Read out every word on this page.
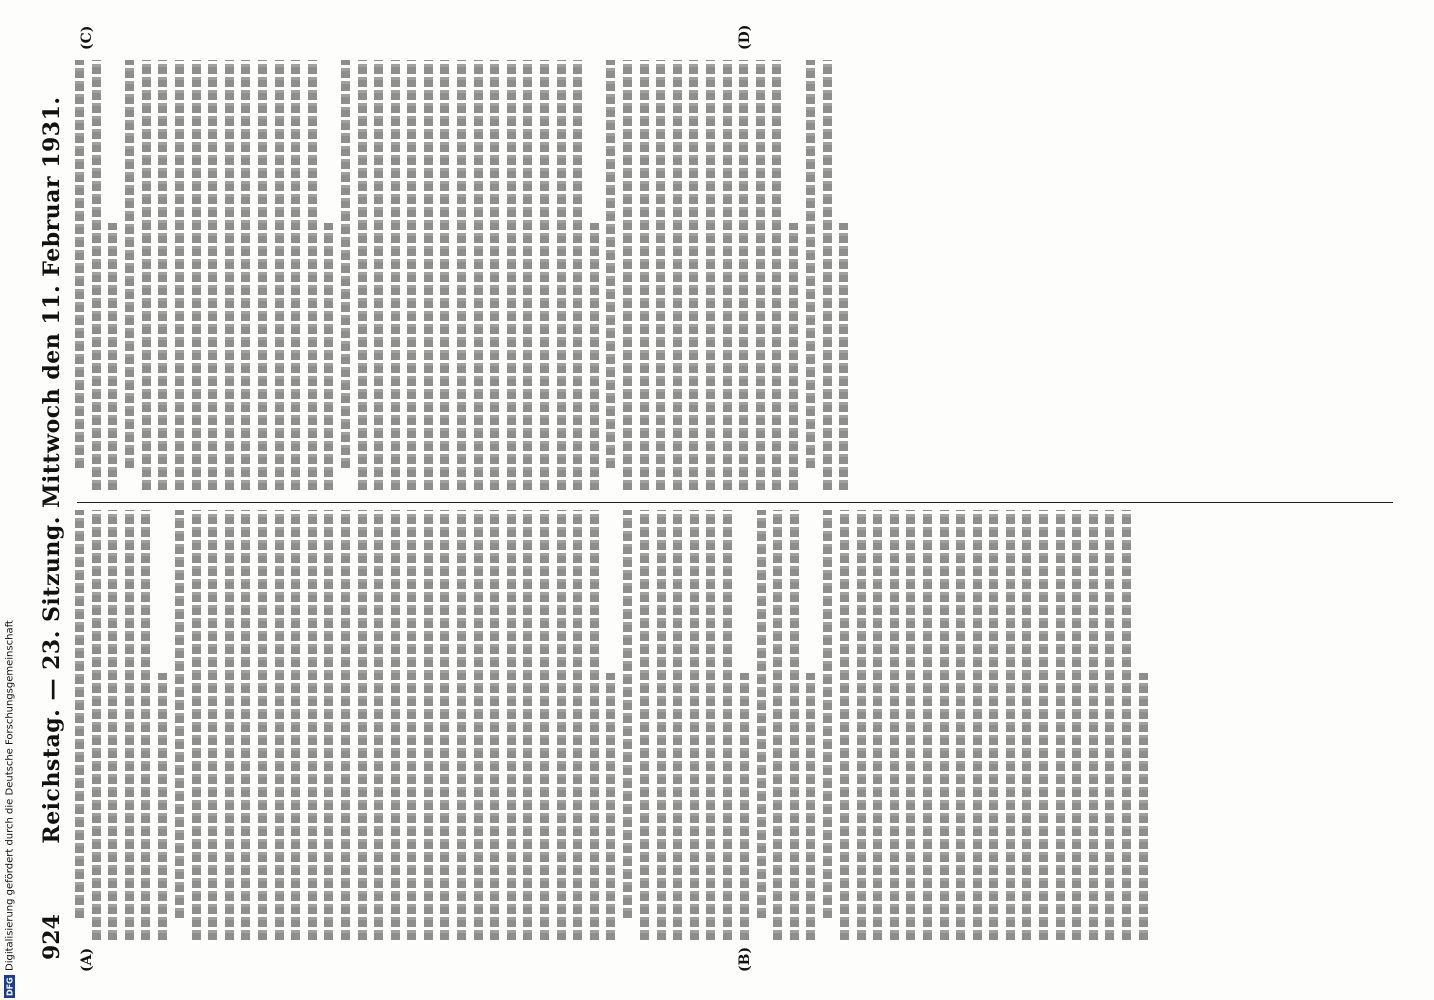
924
Reichstag. — 23. Sitzung. Mittwoch den 11. Februar 1931.
(A)	(B)
(C)	(D)

DFG
Digitalisierung gefördert durch die Deutsche Forschungsgemeinschaft
